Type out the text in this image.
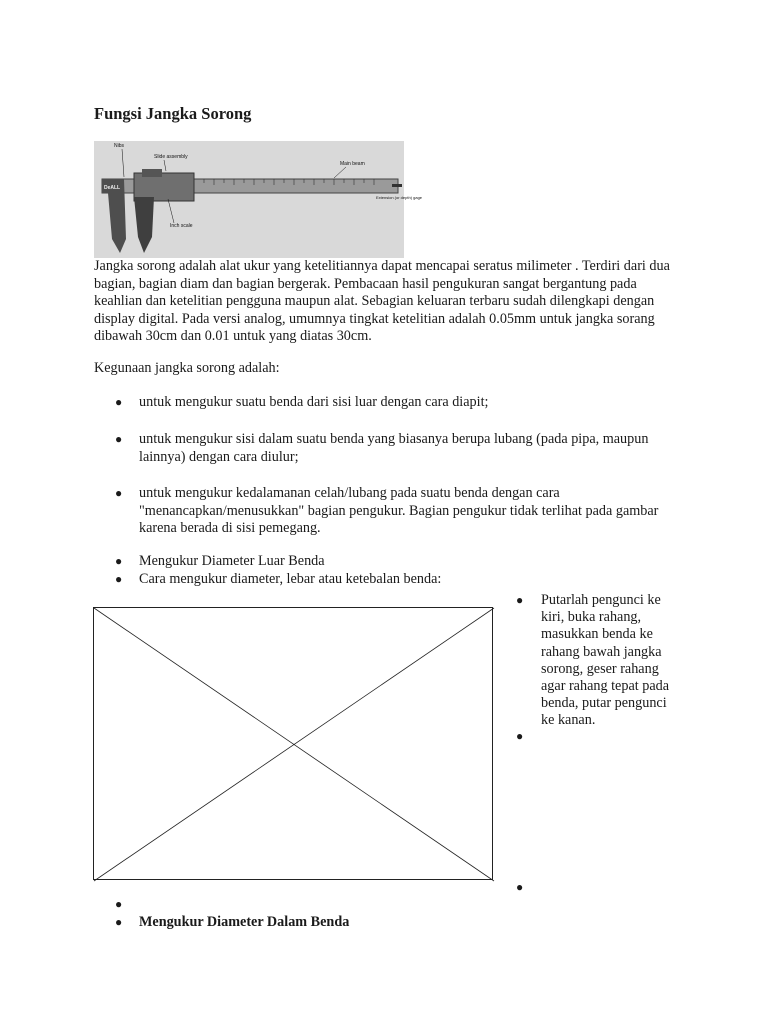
Fungsi Jangka Sorong
Nibs
Slide assembly
Main beam
Inch scale
Extension (or depth) gage
DeALL

Jangka sorong adalah alat ukur yang ketelitiannya dapat mencapai seratus milimeter . Terdiri dari dua bagian, bagian diam dan bagian bergerak. Pembacaan hasil pengukuran sangat bergantung pada keahlian dan ketelitian pengguna maupun alat. Sebagian keluaran terbaru sudah dilengkapi dengan display digital. Pada versi analog, umumnya tingkat ketelitian adalah 0.05mm untuk jangka sorang dibawah 30cm dan 0.01 untuk yang diatas 30cm.

Kegunaan jangka sorong adalah:

● untuk mengukur suatu benda dari sisi luar dengan cara diapit;
● untuk mengukur sisi dalam suatu benda yang biasanya berupa lubang (pada pipa, maupun lainnya) dengan cara diulur;
● untuk mengukur kedalamanan celah/lubang pada suatu benda dengan cara "menancapkan/menusukkan" bagian pengukur. Bagian pengukur tidak terlihat pada gambar karena berada di sisi pemegang.
● Mengukur Diameter Luar Benda
● Cara mengukur diameter, lebar atau ketebalan benda:
● Putarlah pengunci ke kiri, buka rahang, masukkan benda ke rahang bawah jangka sorong, geser rahang agar rahang tepat pada benda, putar pengunci ke kanan.
●
●
●
● Mengukur Diameter Dalam Benda
